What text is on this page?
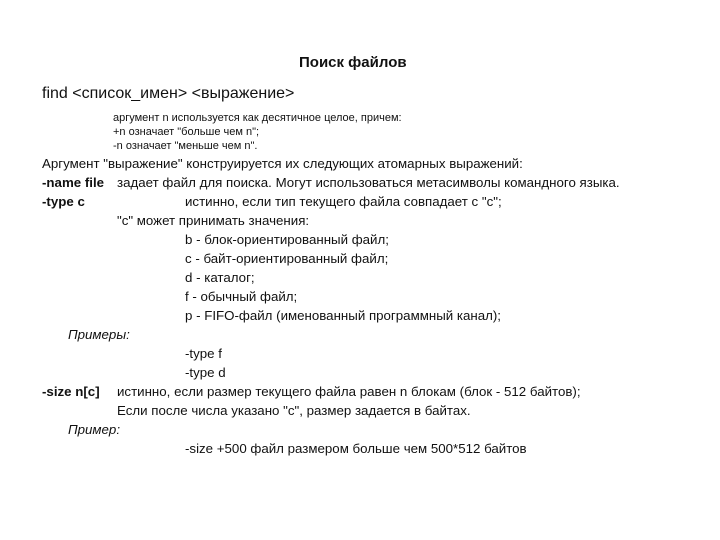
Поиск файлов
find <список_имен> <выражение>
аргумент n используется как десятичное целое, причем:
+n означает "больше чем n";
-n означает "меньше чем n".
Аргумент "выражение" конструируется их следующих атомарных выражений:
-name file задает файл для поиска. Могут использоваться метасимволы командного языка.
-type c	истинно, если тип текущего файла совпадает с "c";
"c" может принимать значения:
b - блок-ориентированный файл;
c - байт-ориентированный файл;
d - каталог;
f - обычный файл;
p - FIFO-файл (именованный программный канал);
Примеры:
-type f
-type d
-size n[c] истинно, если размер текущего файла равен n блокам (блок - 512 байтов);
Если после числа указано "c", размер задается в байтах.
Пример:
-size +500 файл размером больше чем 500*512 байтов
